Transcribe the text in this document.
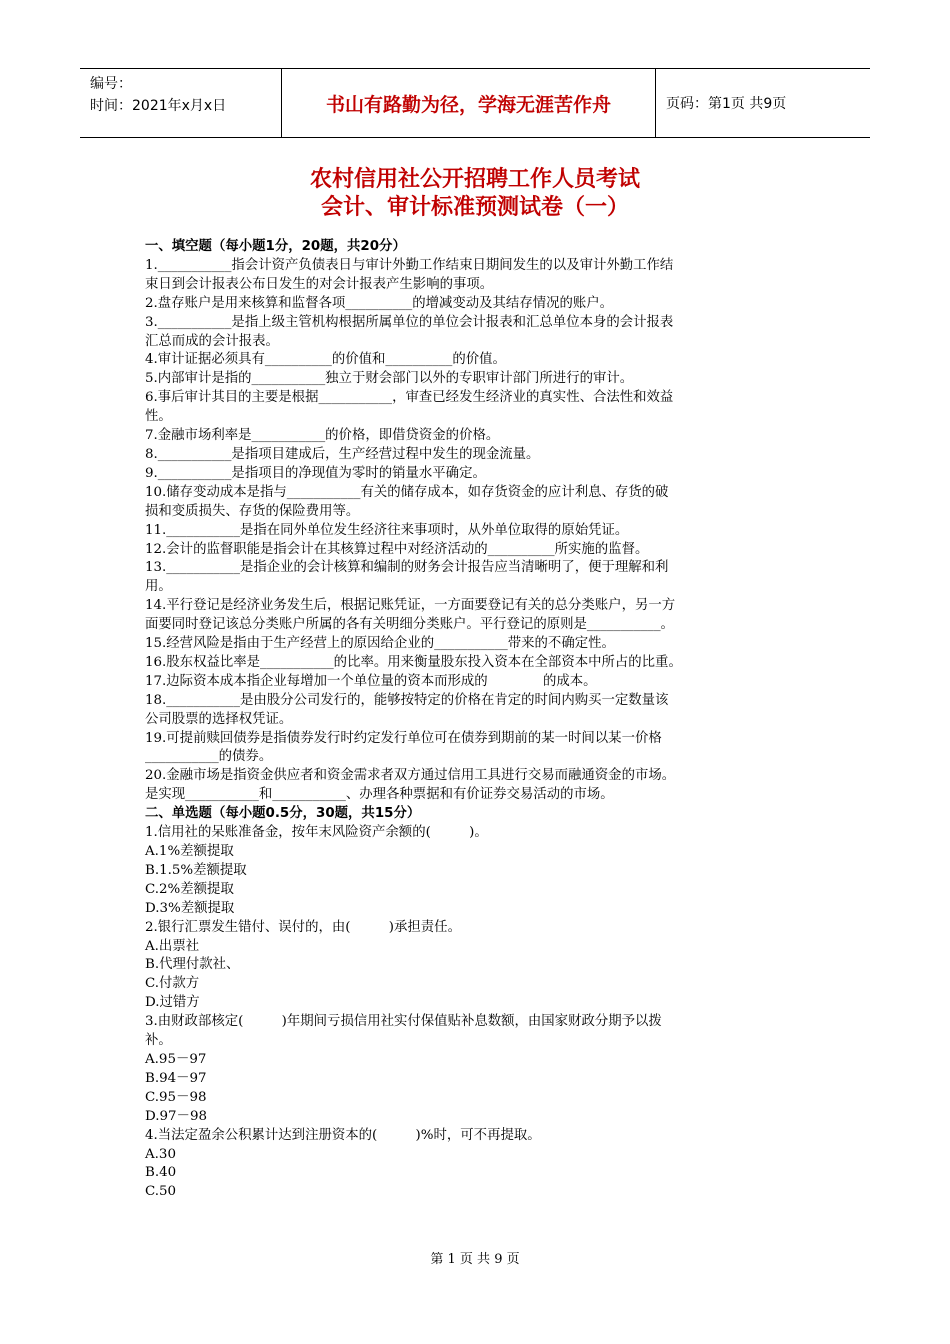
编号：
时间：2021年x月x日	书山有路勤为径，学海无涯苦作舟	页码：第1页 共9页
农村信用社公开招聘工作人员考试
会计、审计标准预测试卷（一）

一、填空题（每小题1分，20题，共20分）

1.___________指会计资产负债表日与审计外勤工作结束日期间发生的以及审计外勤工作结

束日到会计报表公布日发生的对会计报表产生影响的事项。

2.盘存账户是用来核算和监督各项__________的增减变动及其结存情况的账户。

3.___________是指上级主管机构根据所属单位的单位会计报表和汇总单位本身的会计报表

汇总而成的会计报表。

4.审计证据必须具有__________的价值和__________的价值。

5.内部审计是指的___________独立于财会部门以外的专职审计部门所进行的审计。

6.事后审计其目的主要是根据___________，审查已经发生经济业的真实性、合法性和效益

性。

7.金融市场利率是___________的价格，即借贷资金的价格。

8.___________是指项目建成后，生产经营过程中发生的现金流量。

9.___________是指项目的净现值为零时的销量水平确定。

10.储存变动成本是指与___________有关的储存成本，如存货资金的应计利息、存货的破

损和变质损失、存货的保险费用等。

11.___________是指在同外单位发生经济往来事项时，从外单位取得的原始凭证。

12.会计的监督职能是指会计在其核算过程中对经济活动的__________所实施的监督。

13.___________是指企业的会计核算和编制的财务会计报告应当清晰明了，便于理解和利

用。

14.平行登记是经济业务发生后，根据记账凭证，一方面要登记有关的总分类账户，另一方

面要同时登记该总分类账户所属的各有关明细分类账户。平行登记的原则是___________。

15.经营风险是指由于生产经营上的原因给企业的___________带来的不确定性。

16.股东权益比率是___________的比率。用来衡量股东投入资本在全部资本中所占的比重。

17.边际资本成本指企业每增加一个单位量的资本而形成的             的成本。

18.___________是由股分公司发行的，能够按特定的价格在肯定的时间内购买一定数量该

公司股票的选择权凭证。

19.可提前赎回债券是指债券发行时约定发行单位可在债券到期前的某一时间以某一价格

___________的债券。

20.金融市场是指资金供应者和资金需求者双方通过信用工具进行交易而融通资金的市场。

是实现___________和___________、办理各种票据和有价证券交易活动的市场。

二、单选题（每小题0.5分，30题，共15分）

1.信用社的呆账准备金，按年末风险资产余额的(         )。

A.1%差额提取

B.1.5%差额提取

C.2%差额提取

D.3%差额提取

2.银行汇票发生错付、误付的，由(         )承担责任。

A.出票社

B.代理付款社、

C.付款方

D.过错方

3.由财政部核定(         )年期间亏损信用社实付保值贴补息数额，由国家财政分期予以拨

补。

A.95－97

B.94－97

C.95－98

D.97－98

4.当法定盈余公积累计达到注册资本的(         )%时，可不再提取。

A.30

B.40

C.50

第 1 页 共 9 页
